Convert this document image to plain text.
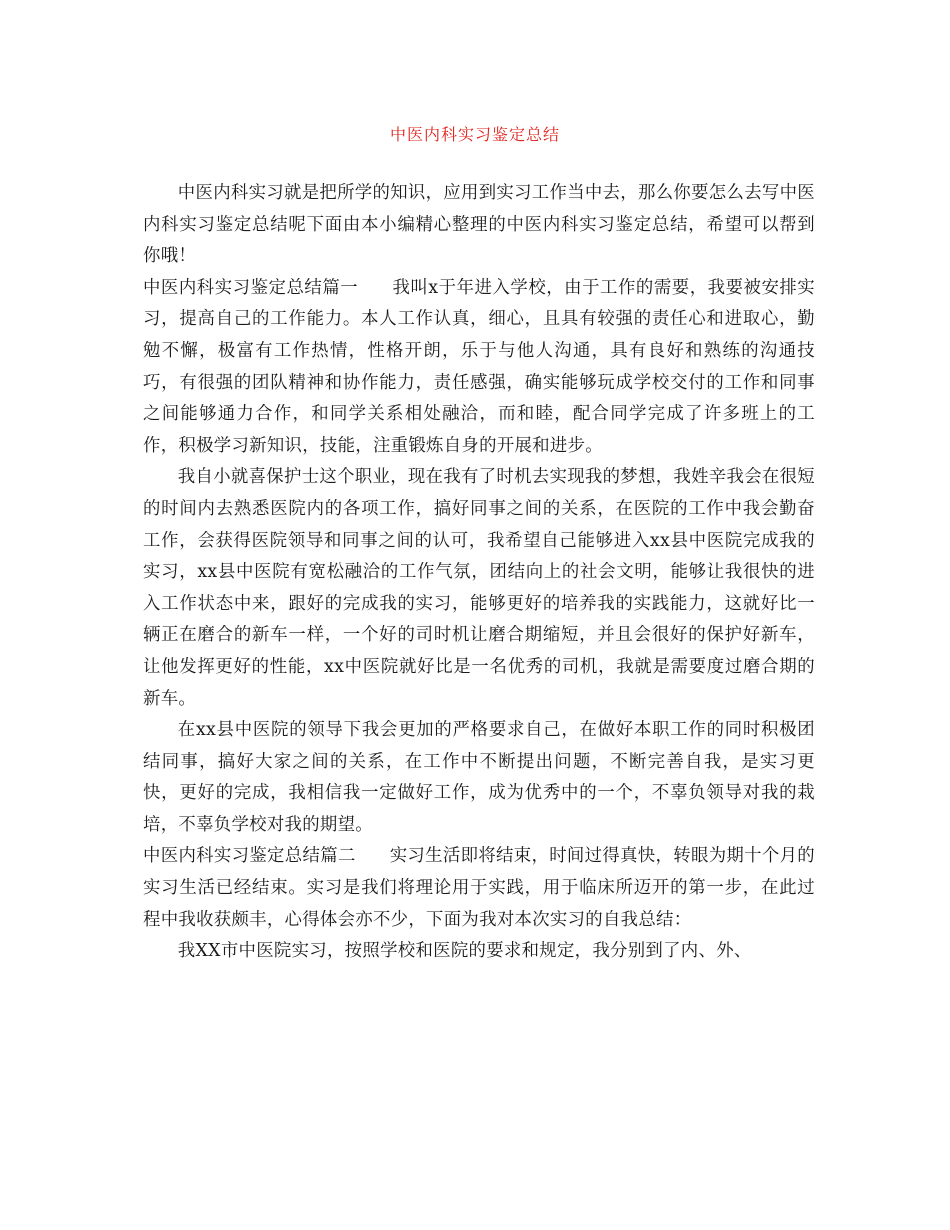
中医内科实习鉴定总结

中医内科实习就是把所学的知识，应用到实习工作当中去，那么你要怎么去写中医内科实习鉴定总结呢下面由本小编精心整理的中医内科实习鉴定总结，希望可以帮到你哦！

中医内科实习鉴定总结篇一 我叫x于年进入学校，由于工作的需要，我要被安排实习，提高自己的工作能力。本人工作认真，细心，且具有较强的责任心和进取心，勤勉不懈，极富有工作热情，性格开朗，乐于与他人沟通，具有良好和熟练的沟通技巧，有很强的团队精神和协作能力，责任感强，确实能够玩成学校交付的工作和同事之间能够通力合作，和同学关系相处融洽，而和睦，配合同学完成了许多班上的工作，积极学习新知识，技能，注重锻炼自身的开展和进步。

我自小就喜保护士这个职业，现在我有了时机去实现我的梦想，我姓辛我会在很短的时间内去熟悉医院内的各项工作，搞好同事之间的关系，在医院的工作中我会勤奋工作，会获得医院领导和同事之间的认可，我希望自己能够进入xx县中医院完成我的实习，xx县中医院有宽松融洽的工作气氛，团结向上的社会文明，能够让我很快的进入工作状态中来，跟好的完成我的实习，能够更好的培养我的实践能力，这就好比一辆正在磨合的新车一样，一个好的司时机让磨合期缩短，并且会很好的保护好新车，让他发挥更好的性能，xx中医院就好比是一名优秀的司机，我就是需要度过磨合期的新车。

在xx县中医院的领导下我会更加的严格要求自己，在做好本职工作的同时积极团结同事，搞好大家之间的关系，在工作中不断提出问题，不断完善自我，是实习更快，更好的完成，我相信我一定做好工作，成为优秀中的一个，不辜负领导对我的栽培，不辜负学校对我的期望。

中医内科实习鉴定总结篇二 实习生活即将结束，时间过得真快，转眼为期十个月的实习生活已经结束。实习是我们将理论用于实践，用于临床所迈开的第一步，在此过程中我收获颇丰，心得体会亦不少，下面为我对本次实习的自我总结：

我XX市中医院实习，按照学校和医院的要求和规定，我分别到了内、外、
